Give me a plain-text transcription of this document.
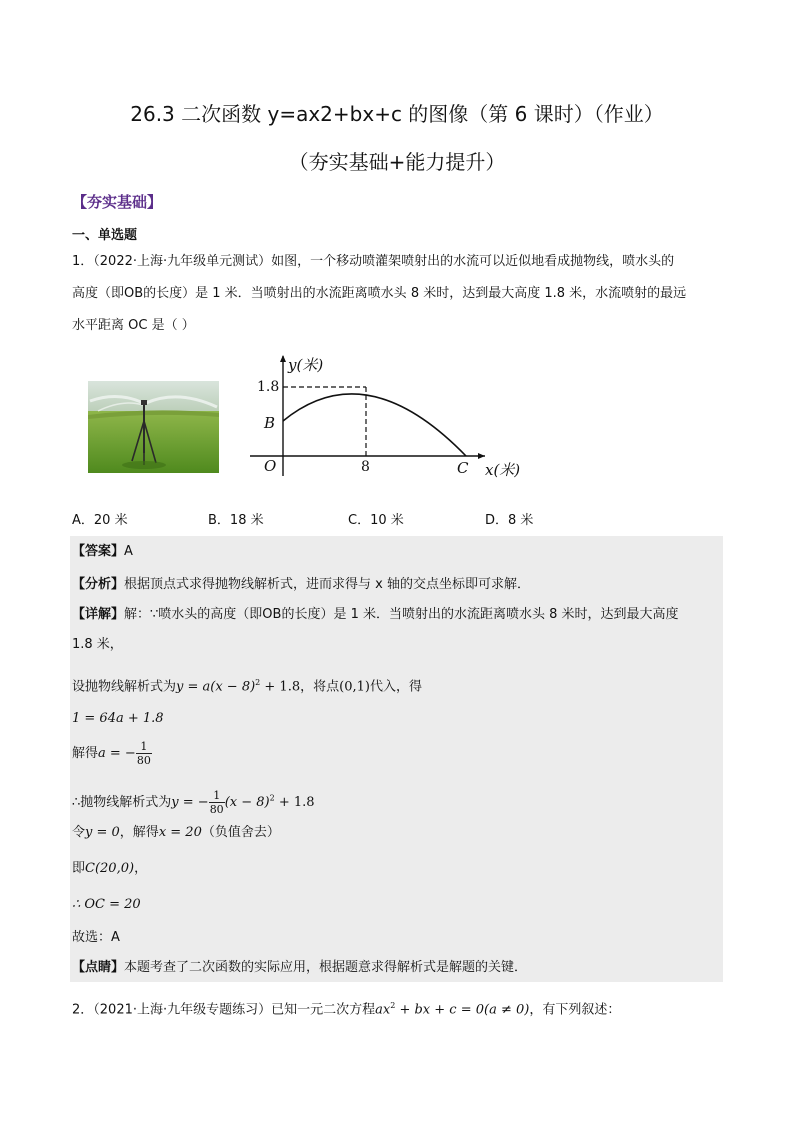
26.3 二次函数 y=ax2+bx+c 的图像（第 6 课时）（作业）
（夯实基础+能力提升）
【夯实基础】
一、单选题
1．（2022·上海·九年级单元测试）如图，一个移动喷灌架喷射出的水流可以近似地看成抛物线，喷水头的
高度（即OB的长度）是 1 米．当喷射出的水流距离喷水头 8 米时，达到最大高度 1.8 米，水流喷射的最远
水平距离 OC 是（ ）
y(米)
1.8
B
O	8	C x(米)
A．20 米	B．18 米	C．10 米	D．8 米
【答案】A
【分析】根据顶点式求得抛物线解析式，进而求得与 x 轴的交点坐标即可求解．
【详解】解：∵喷水头的高度（即OB的长度）是 1 米．当喷射出的水流距离喷水头 8 米时，达到最大高度
1.8 米，
设抛物线解析式为$y = a(x - 8)^2 + 1.8$，将点(0,1)代入，得
1 = 64a + 1.8
解得a = − $\frac{1}{80}$
∴抛物线解析式为y = − $\frac{1}{80} (x - 8)^2 + 1.8$
令y = 0，解得x = 20（负值舍去）
即C(20,0)，
∴ OC = 20
故选：A
【点睛】本题考查了二次函数的实际应用，根据题意求得解析式是解题的关键．
2．（2021·上海·九年级专题练习）已知一元二次方程$ax^2$ + bx + c = 0(a ≠ 0)，有下列叙述：
